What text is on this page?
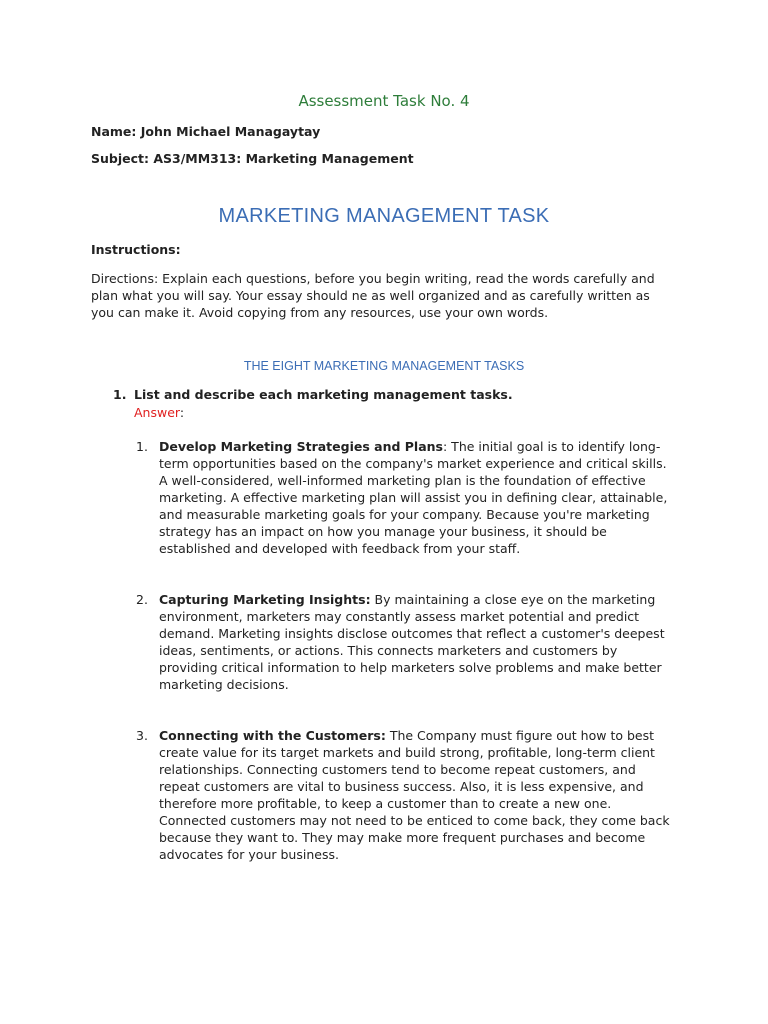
Assessment Task No. 4
Name: John Michael Managaytay
Subject: AS3/MM313: Marketing Management
MARKETING MANAGEMENT TASK
Instructions:
Directions: Explain each questions, before you begin writing, read the words carefully and plan what you will say. Your essay should ne as well organized and as carefully written as you can make it. Avoid copying from any resources, use your own words.
THE EIGHT MARKETING MANAGEMENT TASKS
1. List and describe each marketing management tasks.
Answer:
1. Develop Marketing Strategies and Plans: The initial goal is to identify long-term opportunities based on the company's market experience and critical skills. A well-considered, well-informed marketing plan is the foundation of effective marketing. A effective marketing plan will assist you in defining clear, attainable, and measurable marketing goals for your company. Because you're marketing strategy has an impact on how you manage your business, it should be established and developed with feedback from your staff.
2. Capturing Marketing Insights: By maintaining a close eye on the marketing environment, marketers may constantly assess market potential and predict demand. Marketing insights disclose outcomes that reflect a customer's deepest ideas, sentiments, or actions. This connects marketers and customers by providing critical information to help marketers solve problems and make better marketing decisions.
3. Connecting with the Customers: The Company must figure out how to best create value for its target markets and build strong, profitable, long-term client relationships. Connecting customers tend to become repeat customers, and repeat customers are vital to business success. Also, it is less expensive, and therefore more profitable, to keep a customer than to create a new one. Connected customers may not need to be enticed to come back, they come back because they want to. They may make more frequent purchases and become advocates for your business.
